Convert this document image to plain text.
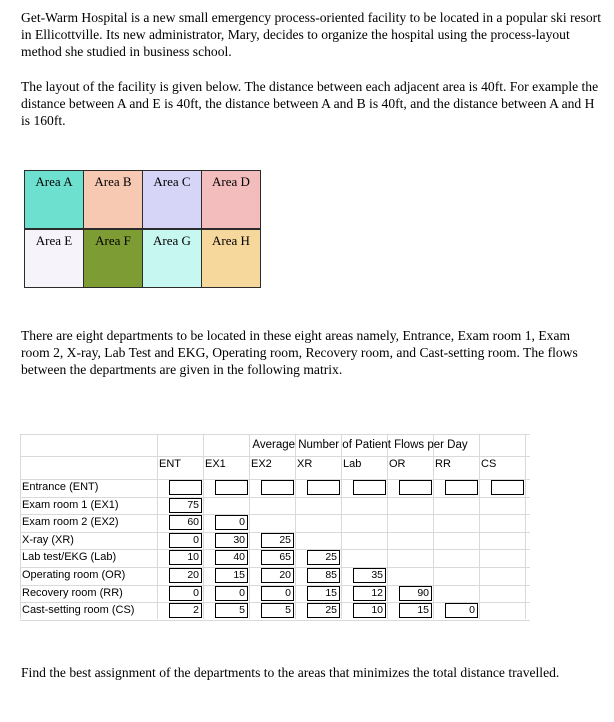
Get-Warm Hospital is a new small emergency process-oriented facility to be located in a popular ski resort in Ellicottville. Its new administrator, Mary, decides to organize the hospital using the process-layout method she studied in business school.

The layout of the facility is given below. The distance between each adjacent area is 40ft. For example the distance between A and E is 40ft, the distance between A and B is 40ft, and the distance between A and H is 160ft.

Area A	Area B	Area C	Area D
Area E	Area F	Area G	Area H

There are eight departments to be located in these eight areas namely, Entrance, Exam room 1, Exam room 2, X-ray, Lab Test and EKG, Operating room, Recovery room, and Cast-setting room. The flows between the departments are given in the following matrix.

Average Number of Patient Flows per Day
ENT EX1 EX2 XR	Lab	OR	RR	CS
Entrance (ENT)
Exam room 1 (EX1)	75
Exam room 2 (EX2)	60	0
X-ray (XR)	0	30	25
Lab test/EKG (Lab)	10	40	65	25
Operating room (OR)	20	15	20	85	35
Recovery room (RR)	0	0	0	15	12	90
Cast-setting room (CS)	2	5	5	25	10	15	0

Find the best assignment of the departments to the areas that minimizes the total distance travelled.
